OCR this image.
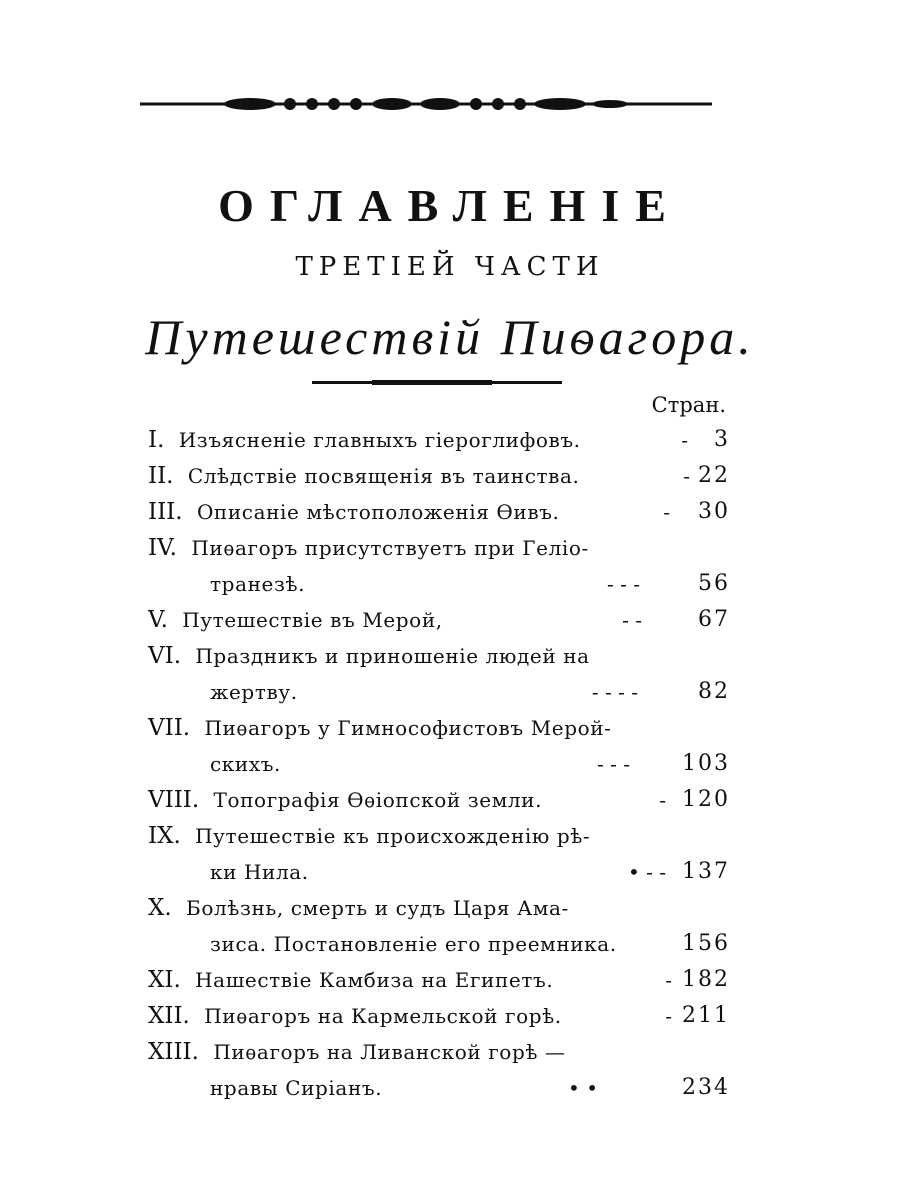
ОГЛАВЛЕНІЕ
ТРЕТІЕЙ ЧАСТИ
Путешествій Пиѳагора.
Стран.
I. Изъясненіе главныхъ гіероглифовъ.	- 3
II. Слѣдствіе посвященія въ таинства.	- 22
III. Описаніе мѣстоположенія Ѳивъ.	- 30
IV. Пиѳагоръ присутствуетъ при Геліо-
транезѣ.	- - -	56
V. Путешествіе въ Мерой,	- -	67
VI. Праздникъ и приношеніе людей на
жертву.	- - - -	82
VII. Пиѳагоръ у Гимнософистовъ Мерой-
скихъ.	- - - 103
VIII. Топографія Ѳѳіопской земли.	- 120
IX. Путешествіе къ происхожденію рѣ-
ки Нила.	• - - 137
X. Болѣзнь, смерть и судъ Царя Ама-
зиса. Постановленіе его преемника.	156
XI. Нашествіе Камбиза на Египетъ.	- 182
XII. Пиѳагоръ на Кармельской горѣ.	- 211
XIII. Пиѳагоръ на Ливанской горѣ —
нравы Сиріанъ.	• •	234
